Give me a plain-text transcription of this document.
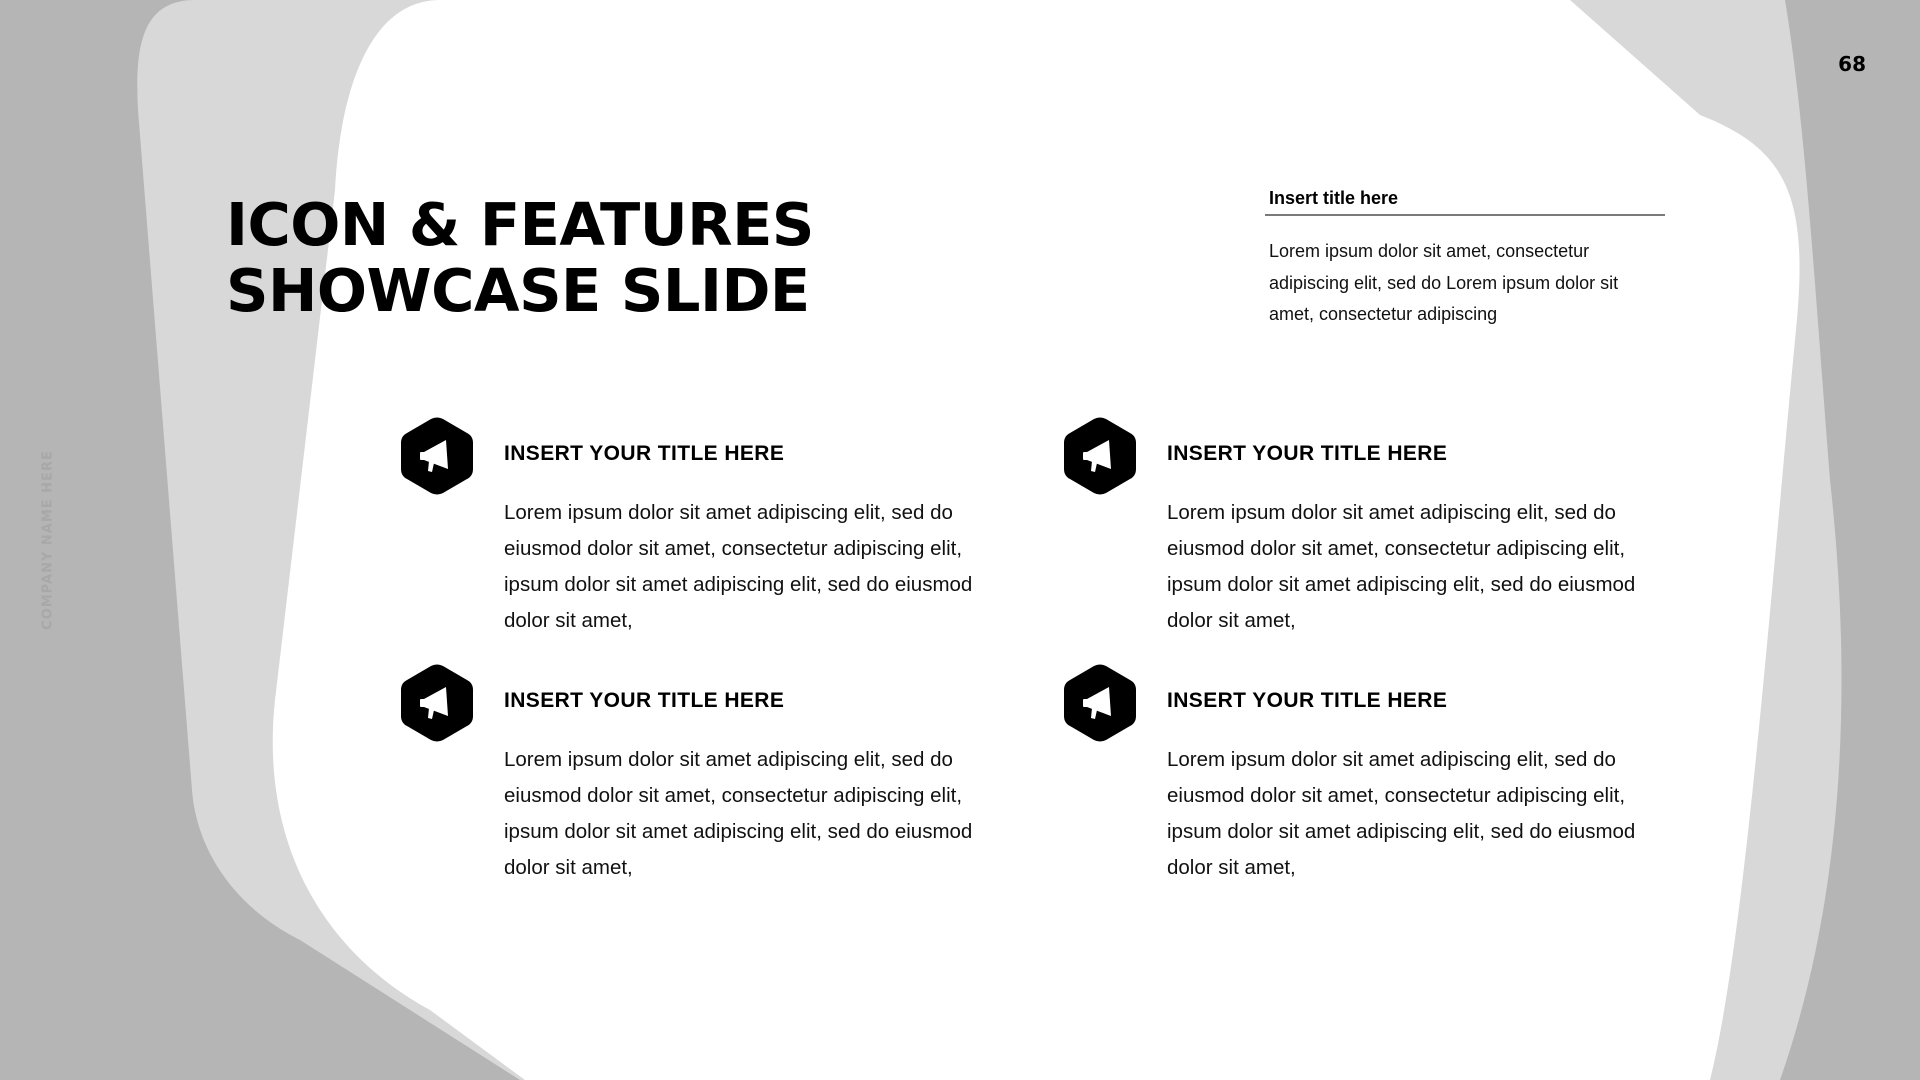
68
COMPANY NAME HERE
ICON & FEATURES
SHOWCASE SLIDE
Insert title here
Lorem ipsum dolor sit amet, consectetur adipiscing elit, sed do Lorem ipsum dolor sit amet, consectetur adipiscing
INSERT YOUR TITLE HERE
Lorem ipsum dolor sit amet adipiscing elit, sed do eiusmod dolor sit amet, consectetur adipiscing elit, ipsum dolor sit amet adipiscing elit, sed do eiusmod dolor sit amet,
INSERT YOUR TITLE HERE
Lorem ipsum dolor sit amet adipiscing elit, sed do eiusmod dolor sit amet, consectetur adipiscing elit, ipsum dolor sit amet adipiscing elit, sed do eiusmod dolor sit amet,
INSERT YOUR TITLE HERE
Lorem ipsum dolor sit amet adipiscing elit, sed do eiusmod dolor sit amet, consectetur adipiscing elit, ipsum dolor sit amet adipiscing elit, sed do eiusmod dolor sit amet,
INSERT YOUR TITLE HERE
Lorem ipsum dolor sit amet adipiscing elit, sed do eiusmod dolor sit amet, consectetur adipiscing elit, ipsum dolor sit amet adipiscing elit, sed do eiusmod dolor sit amet,
